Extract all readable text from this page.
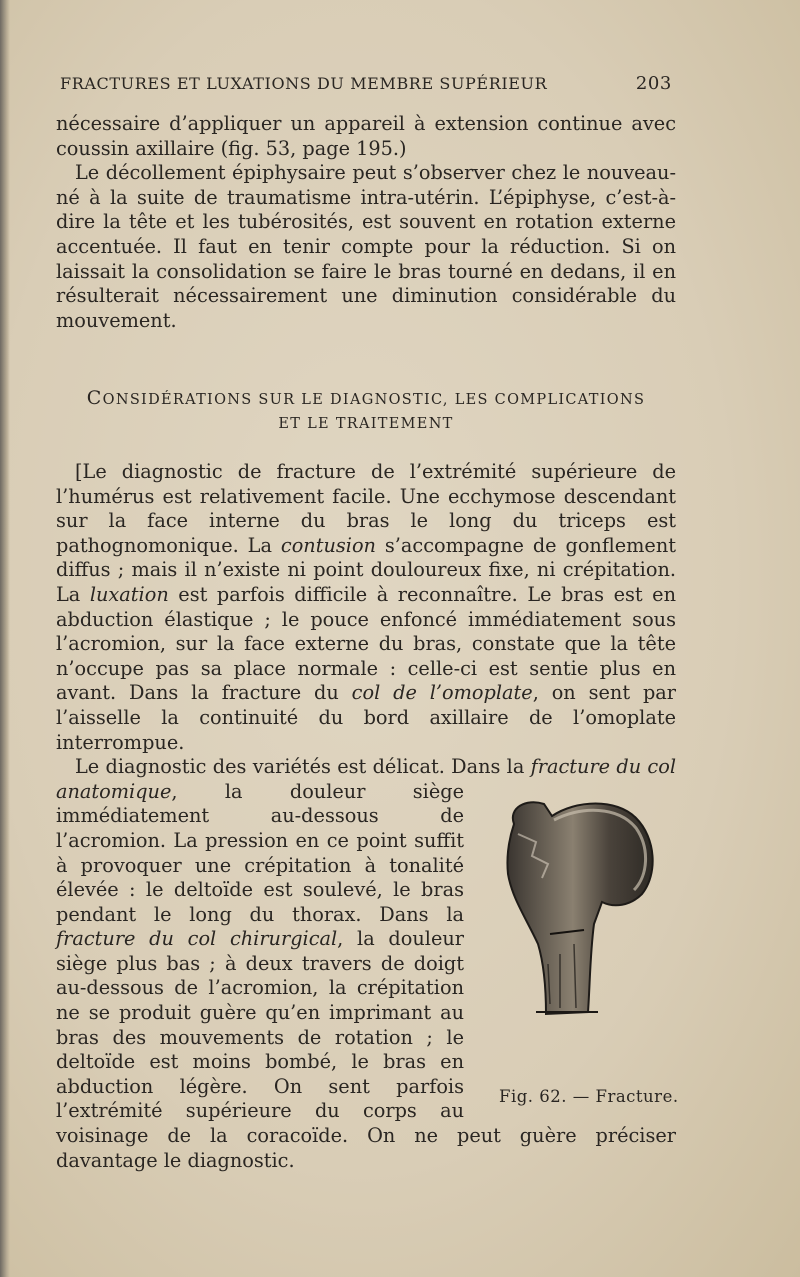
FRACTURES ET LUXATIONS DU MEMBRE SUPÉRIEUR	203

nécessaire d’appliquer un appareil à extension continue avec coussin axillaire (fig. 53, page 195.)

Le décollement épiphysaire peut s’observer chez le nouveau-né à la suite de traumatisme intra-utérin. L’épiphyse, c’est-à-dire la tête et les tubérosités, est souvent en rotation externe accentuée. Il faut en tenir compte pour la réduction. Si on laissait la consolidation se faire le bras tourné en dedans, il en résulterait nécessairement une diminution considérable du mouvement.

CONSIDÉRATIONS SUR LE DIAGNOSTIC, LES COMPLICATIONS
ET LE TRAITEMENT

[Le diagnostic de fracture de l’extrémité supérieure de l’humérus est relativement facile. Une ecchymose descendant sur la face interne du bras le long du triceps est pathognomonique. La contusion s’accompagne de gonflement diffus ; mais il n’existe ni point douloureux fixe, ni crépitation. La luxation est parfois difficile à reconnaître. Le bras est en abduction élastique ; le pouce enfoncé immédiatement sous l’acromion, sur la face externe du bras, constate que la tête n’occupe pas sa place normale : celle-ci est sentie plus en avant. Dans la fracture du col de l’omoplate, on sent par l’aisselle la continuité du bord axillaire de l’omoplate interrompue.

Le diagnostic des variétés est délicat. Dans la fracture du col anatomique
Fig. 62. — Fracture.
, la douleur siège immédiatement au-dessous de l’acromion. La pression en ce point suffit à provoquer une crépitation à tonalité élevée : le deltoïde est soulevé, le bras pendant le long du thorax. Dans la fracture du col chirurgical, la douleur siège plus bas ; à deux travers de doigt au-dessous de l’acromion, la crépitation ne se produit guère qu’en imprimant au bras des mouvements de rotation ; le deltoïde est moins bombé, le bras en abduction légère. On sent parfois l’extrémité supérieure du corps au voisinage de la coracoïde. On ne peut guère préciser davantage le diagnostic.
